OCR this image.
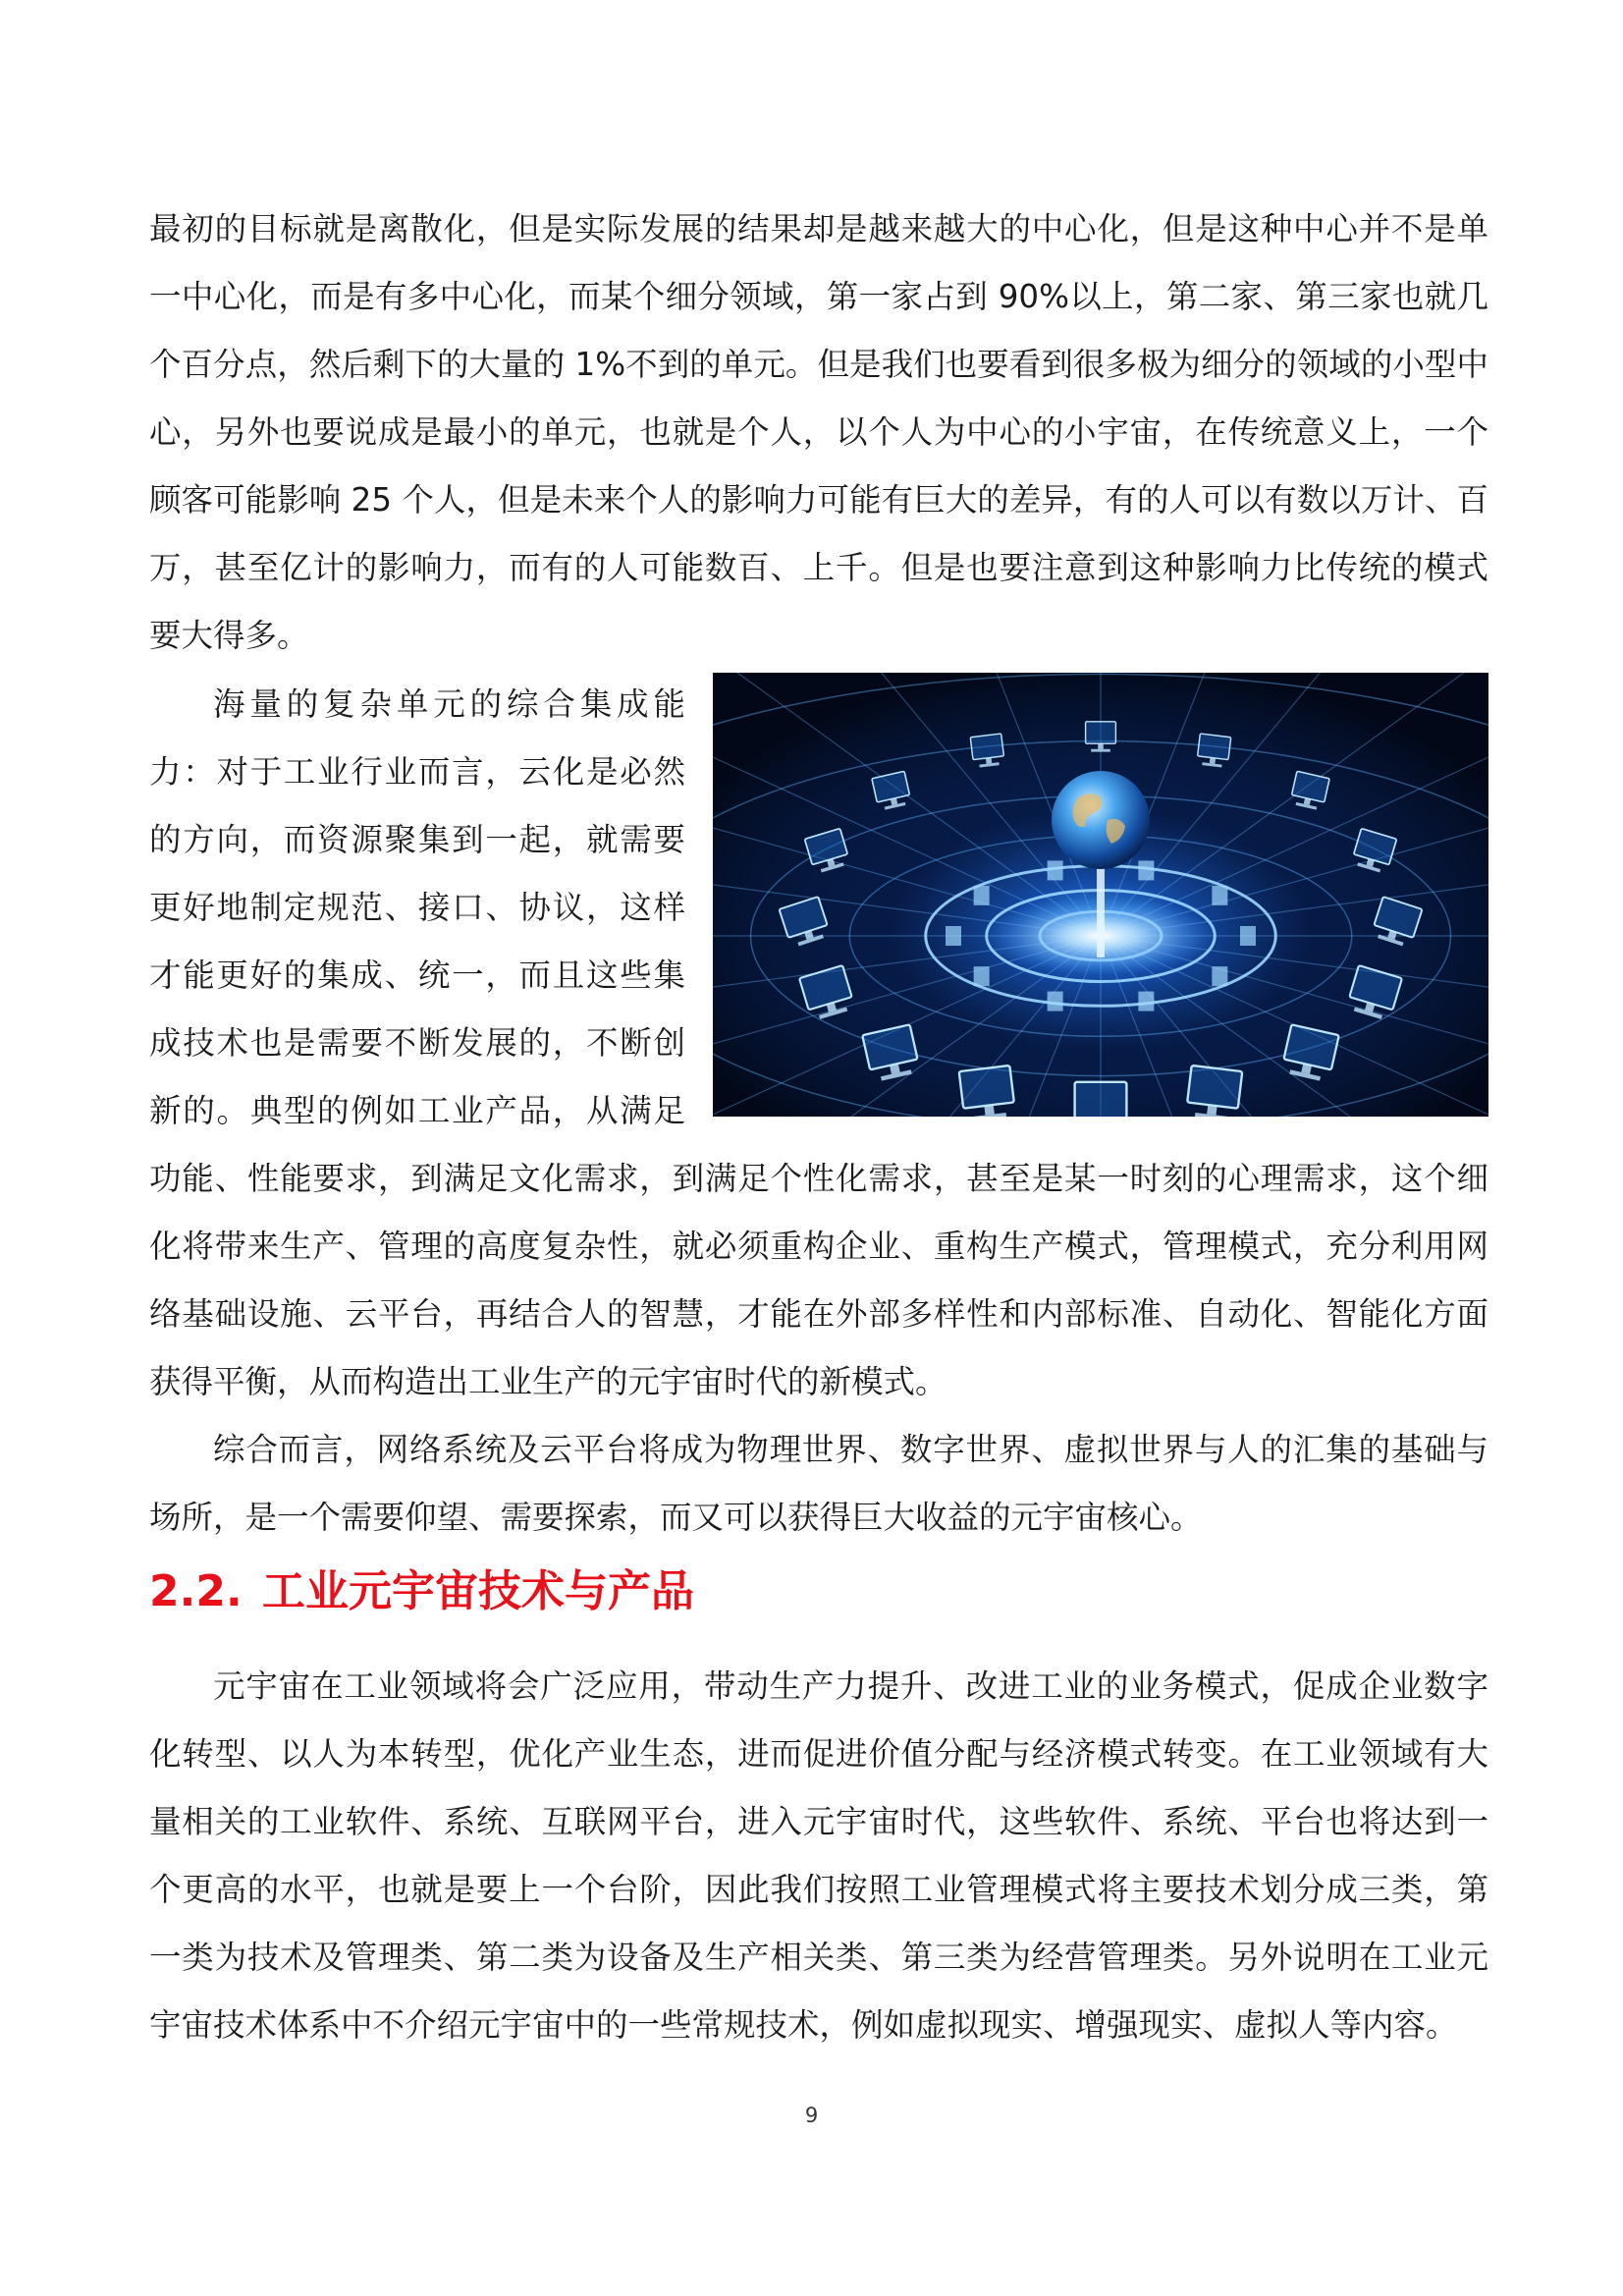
最初的目标就是离散化，但是实际发展的结果却是越来越大的中心化，但是这种中心并不是单一中心化，而是有多中心化，而某个细分领域，第一家占到 90%以上，第二家、第三家也就几个百分点，然后剩下的大量的 1%不到的单元。但是我们也要看到很多极为细分的领域的小型中心，另外也要说成是最小的单元，也就是个人，以个人为中心的小宇宙，在传统意义上，一个顾客可能影响 25 个人，但是未来个人的影响力可能有巨大的差异，有的人可以有数以万计、百万，甚至亿计的影响力，而有的人可能数百、上千。但是也要注意到这种影响力比传统的模式要大得多。

海量的复杂单元的综合集成能力：对于工业行业而言，云化是必然的方向，而资源聚集到一起，就需要更好地制定规范、接口、协议，这样才能更好的集成、统一，而且这些集成技术也是需要不断发展的，不断创新的。典型的例如工业产品，从满足功能、性能要求，到满足文化需求，到满足个性化需求，甚至是某一时刻的心理需求，这个细化将带来生产、管理的高度复杂性，就必须重构企业、重构生产模式，管理模式，充分利用网络基础设施、云平台，再结合人的智慧，才能在外部多样性和内部标准、自动化、智能化方面获得平衡，从而构造出工业生产的元宇宙时代的新模式。

综合而言，网络系统及云平台将成为物理世界、数字世界、虚拟世界与人的汇集的基础与场所，是一个需要仰望、需要探索，而又可以获得巨大收益的元宇宙核心。

2.2. 工业元宇宙技术与产品

元宇宙在工业领域将会广泛应用，带动生产力提升、改进工业的业务模式，促成企业数字化转型、以人为本转型，优化产业生态，进而促进价值分配与经济模式转变。在工业领域有大量相关的工业软件、系统、互联网平台，进入元宇宙时代，这些软件、系统、平台也将达到一个更高的水平，也就是要上一个台阶，因此我们按照工业管理模式将主要技术划分成三类，第一类为技术及管理类、第二类为设备及生产相关类、第三类为经营管理类。另外说明在工业元宇宙技术体系中不介绍元宇宙中的一些常规技术，例如虚拟现实、增强现实、虚拟人等内容。

9
